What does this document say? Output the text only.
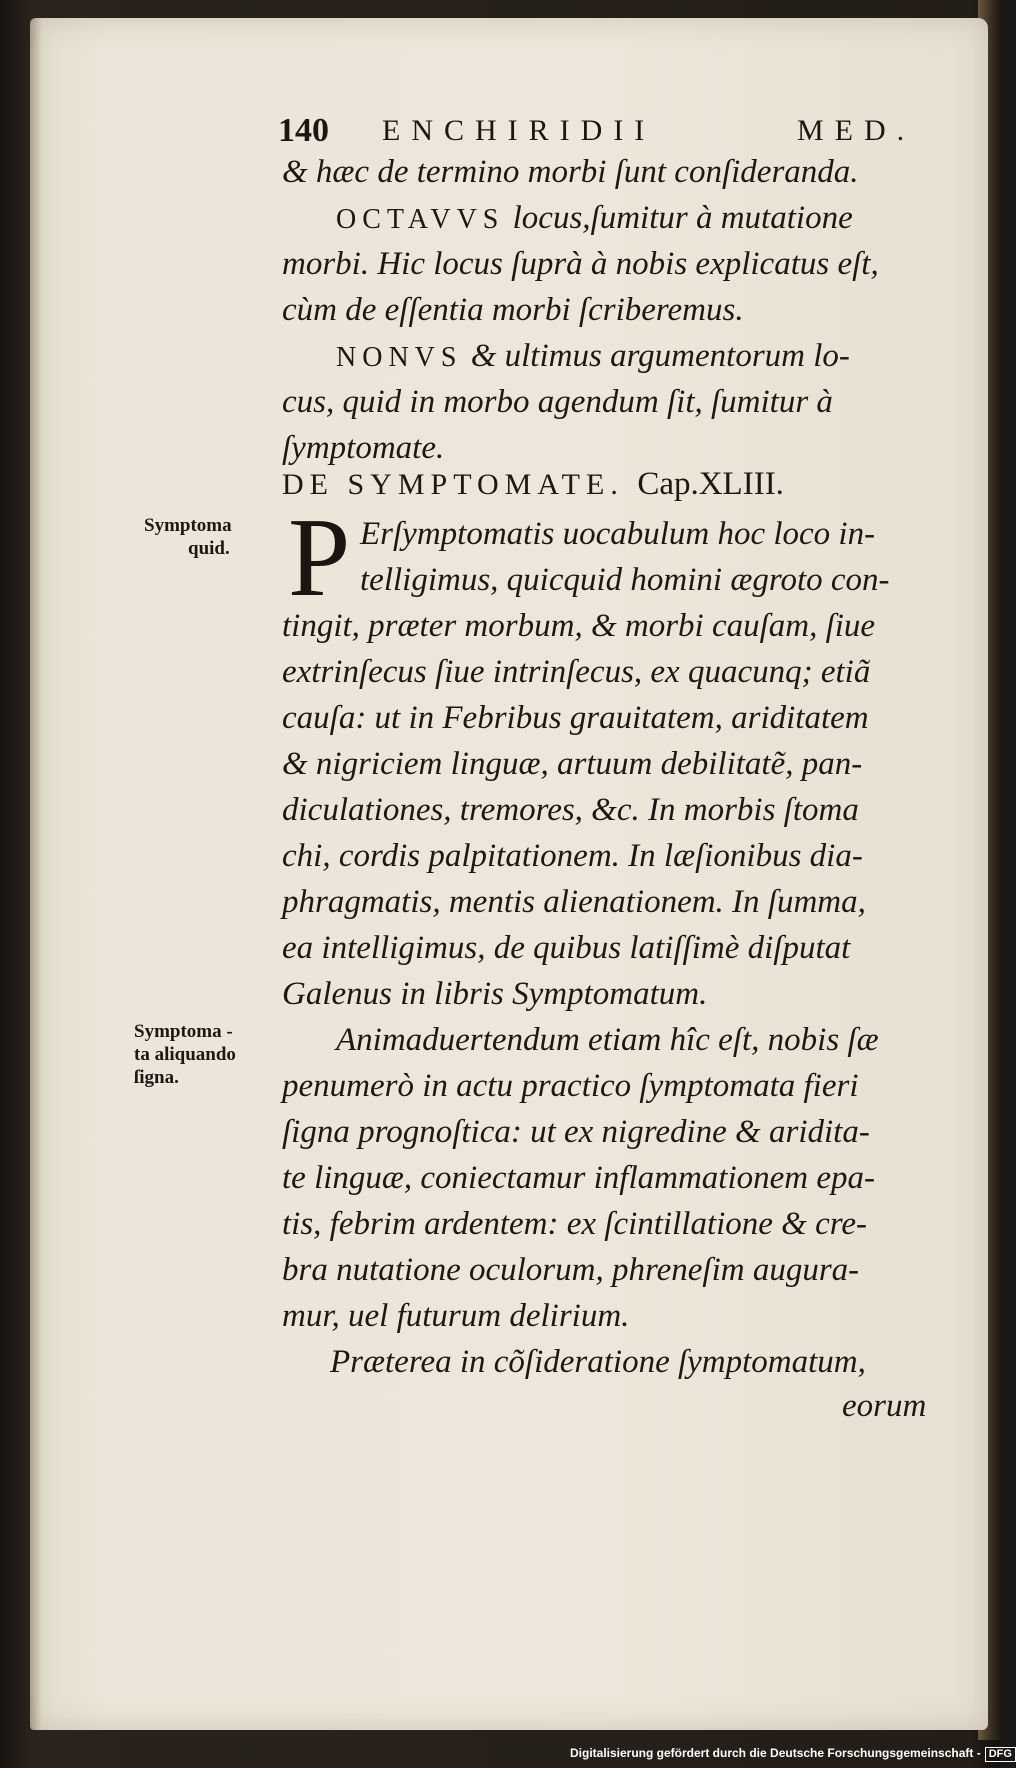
140 ENCHIRIDII	MED.

& hæc de termino morbi ſunt conſideranda.

OCTAVVS locus,ſumitur à mutatione

morbi. Hic locus ſuprà à nobis explicatus eſt,

cùm de eſſentia morbi ſcriberemus.

NONVS & ultimus argumentorum lo-

cus, quid in morbo agendum ſit, ſumitur à

ſymptomate.

DE SYMPTOMATE. Cap.XLIII.
Symptoma
quid. P Erſymptomatis uocabulum hoc loco in-

telligimus, quicquid homini ægroto con-

tingit, præter morbum, & morbi cauſam, ſiue

extrinſecus ſiue intrinſecus, ex quacunq; etiã

cauſa: ut in Febribus grauitatem, ariditatem

& nigriciem linguæ, artuum debilitatẽ, pan-

diculationes, tremores, &c. In morbis ſtoma

chi, cordis palpitationem. In læſionibus dia-

phragmatis, mentis alienationem. In ſumma,

ea intelligimus, de quibus latiſſimè diſputat

Galenus in libris Symptomatum.

Symptoma -
ta aliquando
ſigna.

Animaduertendum etiam hîc eſt, nobis ſæ

penumerò in actu practico ſymptomata fieri

ſigna prognoſtica: ut ex nigredine & aridita-

te linguæ, coniectamur inflammationem epa-

tis, febrim ardentem: ex ſcintillatione & cre-

bra nutatione oculorum, phreneſim augura-

mur, uel futurum delirium.

Præterea in cõſideratione ſymptomatum,

eorum

Digitalisierung gefördert durch die Deutsche Forschungsgemeinschaft - DFG
